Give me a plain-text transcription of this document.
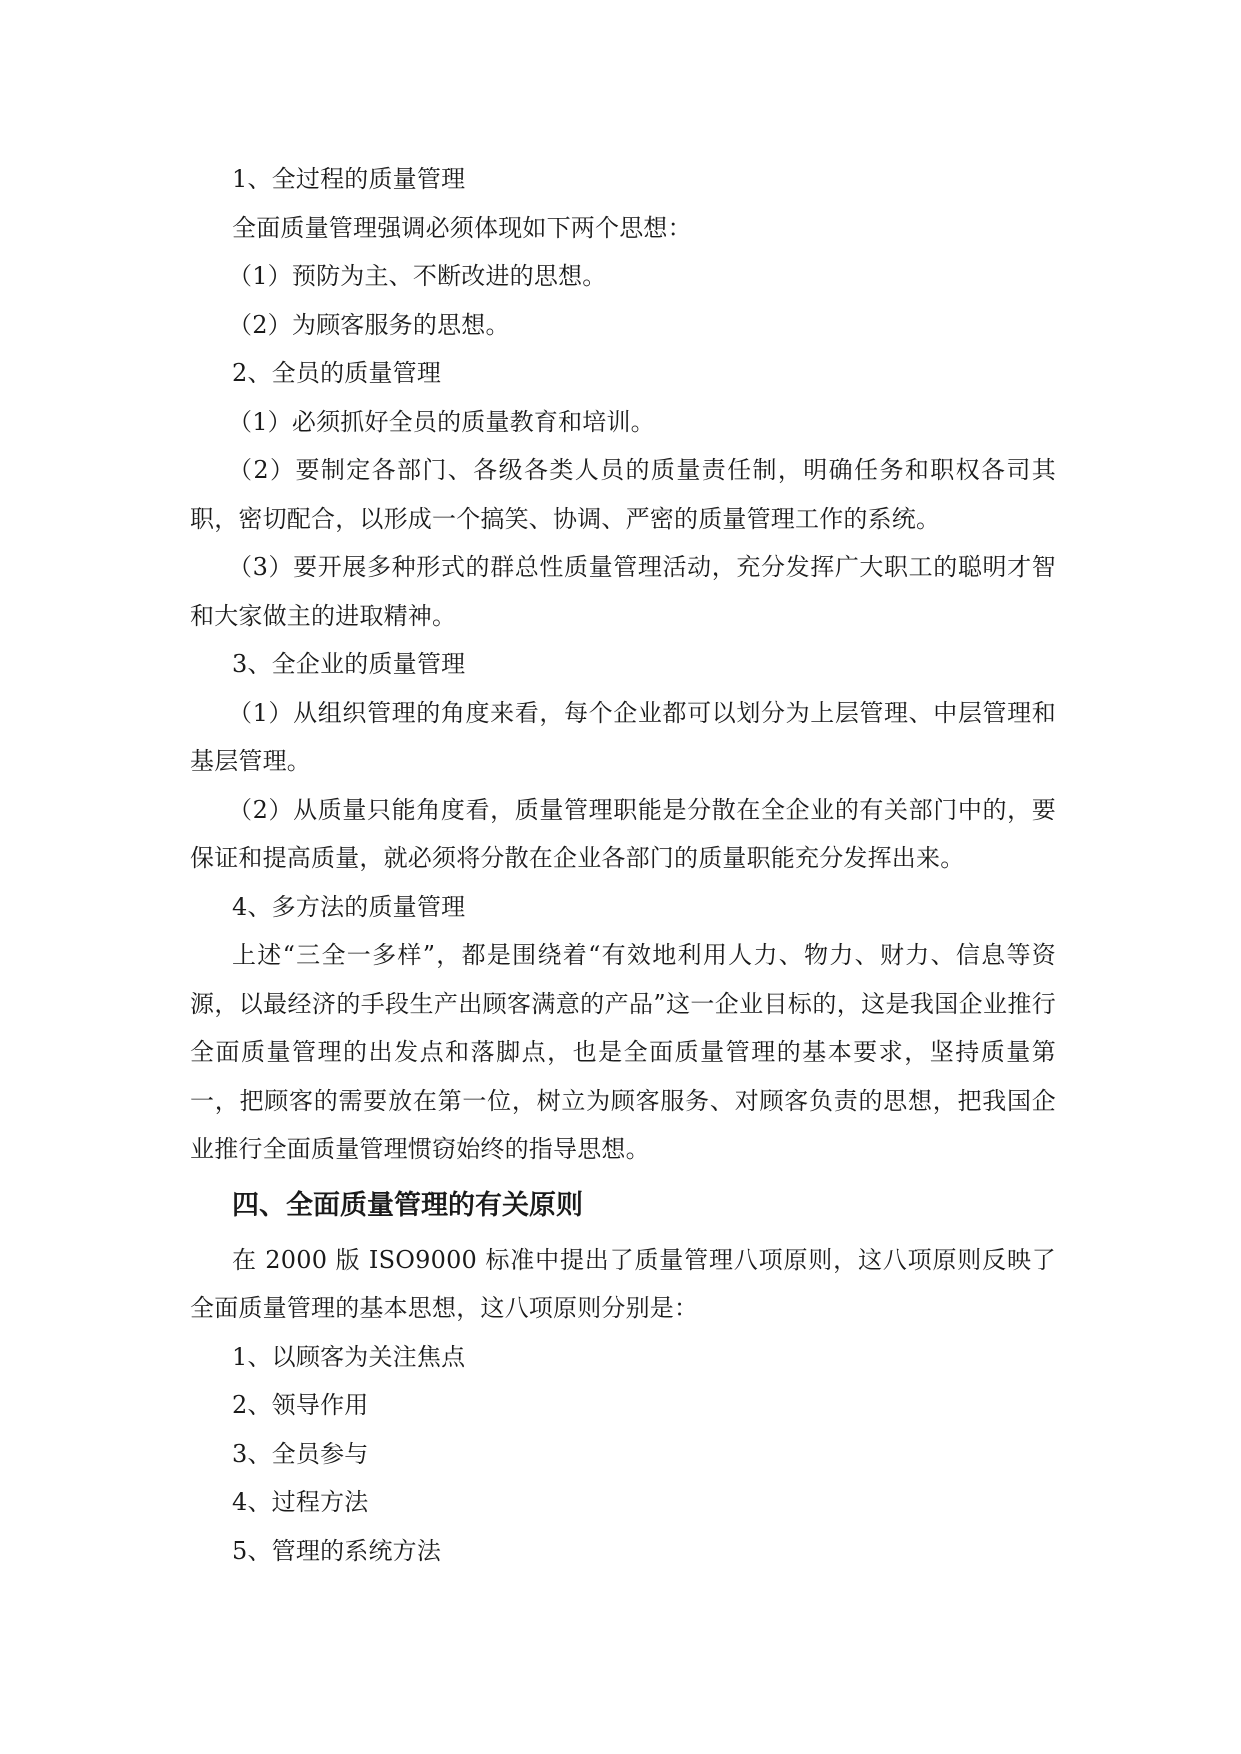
1、全过程的质量管理

全面质量管理强调必须体现如下两个思想：

（1）预防为主、不断改进的思想。

（2）为顾客服务的思想。

2、全员的质量管理

（1）必须抓好全员的质量教育和培训。

（2）要制定各部门、各级各类人员的质量责任制，明确任务和职权各司其职，密切配合，以形成一个搞笑、协调、严密的质量管理工作的系统。

（3）要开展多种形式的群总性质量管理活动，充分发挥广大职工的聪明才智和大家做主的进取精神。

3、全企业的质量管理

（1）从组织管理的角度来看，每个企业都可以划分为上层管理、中层管理和基层管理。

（2）从质量只能角度看，质量管理职能是分散在全企业的有关部门中的，要保证和提高质量，就必须将分散在企业各部门的质量职能充分发挥出来。

4、多方法的质量管理

上述“三全一多样”，都是围绕着“有效地利用人力、物力、财力、信息等资源，以最经济的手段生产出顾客满意的产品”这一企业目标的，这是我国企业推行全面质量管理的出发点和落脚点，也是全面质量管理的基本要求，坚持质量第一，把顾客的需要放在第一位，树立为顾客服务、对顾客负责的思想，把我国企业推行全面质量管理惯窃始终的指导思想。

四、全面质量管理的有关原则

在 2000 版 ISO9000 标准中提出了质量管理八项原则，这八项原则反映了全面质量管理的基本思想，这八项原则分别是：

1、以顾客为关注焦点

2、领导作用

3、全员参与

4、过程方法

5、管理的系统方法
